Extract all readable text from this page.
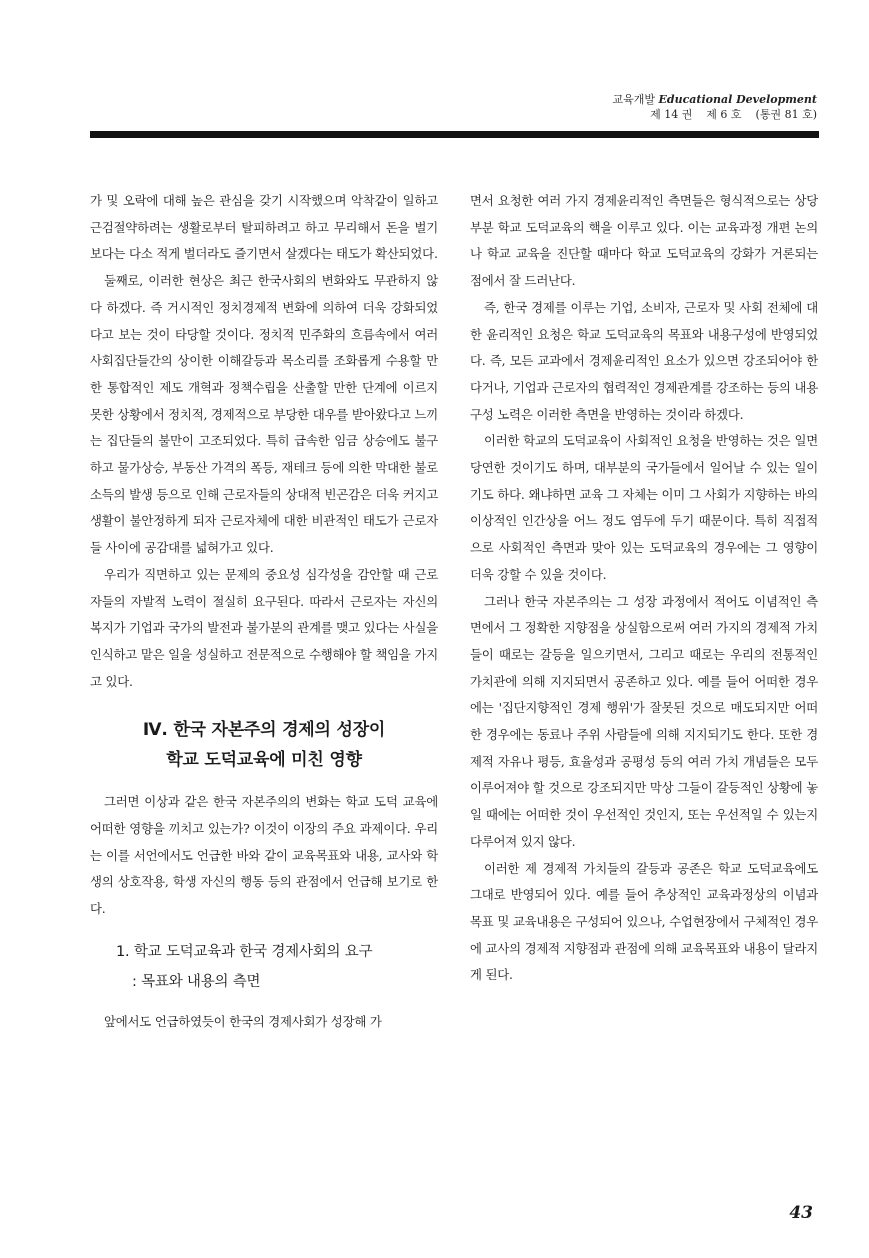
교육개발 Educational Development
제 14 권    제 6 호    (통권 81 호)

가 및 오락에 대해 높은 관심을 갖기 시작했으며 악착같이 일하고 근검절약하려는 생활로부터 탈피하려고 하고 무리해서 돈을 벌기보다는 다소 적게 벌더라도 즐기면서 살겠다는 태도가 확산되었다.

둘째로, 이러한 현상은 최근 한국사회의 변화와도 무관하지 않다 하겠다. 즉 거시적인 정치경제적 변화에 의하여 더욱 강화되었다고 보는 것이 타당할 것이다. 정치적 민주화의 흐름속에서 여러 사회집단들간의 상이한 이해갈등과 목소리를 조화롭게 수용할 만한 통합적인 제도 개혁과 정책수립을 산출할 만한 단계에 이르지 못한 상황에서 정치적, 경제적으로 부당한 대우를 받아왔다고 느끼는 집단들의 불만이 고조되었다. 특히 급속한 임금 상승에도 불구하고 물가상승, 부동산 가격의 폭등, 재테크 등에 의한 막대한 불로소득의 발생 등으로 인해 근로자들의 상대적 빈곤감은 더욱 커지고 생활이 불안정하게 되자 근로자체에 대한 비관적인 태도가 근로자들 사이에 공감대를 넓혀가고 있다.

우리가 직면하고 있는 문제의 중요성 심각성을 감안할 때 근로자들의 자발적 노력이 절실히 요구된다. 따라서 근로자는 자신의 복지가 기업과 국가의 발전과 불가분의 관계를 맺고 있다는 사실을 인식하고 맡은 일을 성실하고 전문적으로 수행해야 할 책임을 가지고 있다.

Ⅳ. 한국 자본주의 경제의 성장이
학교 도덕교육에 미친 영향

그러면 이상과 같은 한국 자본주의의 변화는 학교 도덕 교육에 어떠한 영향을 끼치고 있는가? 이것이 이장의 주요 과제이다. 우리는 이를 서언에서도 언급한 바와 같이 교육목표와 내용, 교사와 학생의 상호작용, 학생 자신의 행동 등의 관점에서 언급해 보기로 한다.

1. 학교 도덕교육과 한국 경제사회의 요구
: 목표와 내용의 측면

앞에서도 언급하였듯이 한국의 경제사회가 성장해 가

면서 요청한 여러 가지 경제윤리적인 측면들은 형식적으로는 상당 부분 학교 도덕교육의 핵을 이루고 있다. 이는 교육과정 개편 논의나 학교 교육을 진단할 때마다 학교 도덕교육의 강화가 거론되는 점에서 잘 드러난다.

즉, 한국 경제를 이루는 기업, 소비자, 근로자 및 사회 전체에 대한 윤리적인 요청은 학교 도덕교육의 목표와 내용구성에 반영되었다. 즉, 모든 교과에서 경제윤리적인 요소가 있으면 강조되어야 한다거나, 기업과 근로자의 협력적인 경제관계를 강조하는 등의 내용구성 노력은 이러한 측면을 반영하는 것이라 하겠다.

이러한 학교의 도덕교육이 사회적인 요청을 반영하는 것은 일면 당연한 것이기도 하며, 대부분의 국가들에서 일어날 수 있는 일이기도 하다. 왜냐하면 교육 그 자체는 이미 그 사회가 지향하는 바의 이상적인 인간상을 어느 정도 염두에 두기 때문이다. 특히 직접적으로 사회적인 측면과 맞아 있는 도덕교육의 경우에는 그 영향이 더욱 강할 수 있을 것이다.

그러나 한국 자본주의는 그 성장 과정에서 적어도 이념적인 측면에서 그 정확한 지향점을 상실함으로써 여러 가지의 경제적 가치들이 때로는 갈등을 일으키면서, 그리고 때로는 우리의 전통적인 가치관에 의해 지지되면서 공존하고 있다. 예를 들어 어떠한 경우에는 '집단지향적인 경제 행위'가 잘못된 것으로 매도되지만 어떠한 경우에는 동료나 주위 사람들에 의해 지지되기도 한다. 또한 경제적 자유나 평등, 효율성과 공평성 등의 여러 가치 개념들은 모두 이루어져야 할 것으로 강조되지만 막상 그들이 갈등적인 상황에 놓일 때에는 어떠한 것이 우선적인 것인지, 또는 우선적일 수 있는지 다루어져 있지 않다.

이러한 제 경제적 가치들의 갈등과 공존은 학교 도덕교육에도 그대로 반영되어 있다. 예를 들어 추상적인 교육과정상의 이념과 목표 및 교육내용은 구성되어 있으나, 수업현장에서 구체적인 경우에 교사의 경제적 지향점과 관점에 의해 교육목표와 내용이 달라지게 된다.

43
